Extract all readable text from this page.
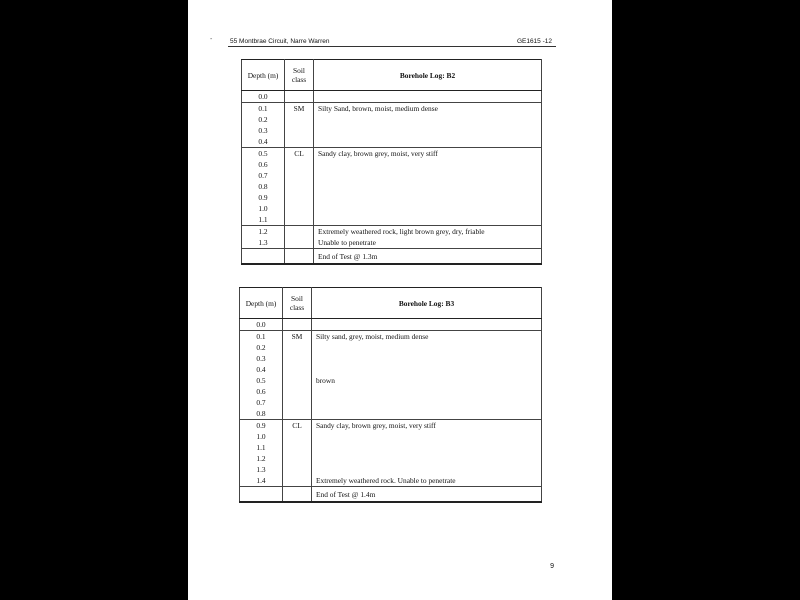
-	55 Montbrae Circuit, Narre Warren	GE1615 -12
Depth (m)	Soil class	Borehole Log: B2
0.0		
0.1	SM	Silty Sand, brown, moist, medium dense
0.2		
0.3		
0.4		
0.5	CL	Sandy clay, brown grey, moist, very stiff
0.6		
0.7		
0.8		
0.9		
1.0		
1.1		
1.2		Extremely weathered rock, light brown grey, dry, friable
1.3		Unable to penetrate
		End of Test @ 1.3m
Depth (m)	Soil class	Borehole Log: B3
0.0		
0.1	SM	Silty sand, grey, moist, medium dense
0.2		
0.3		
0.4		
0.5		brown
0.6		
0.7		
0.8		
0.9	CL	Sandy clay, brown grey, moist, very stiff
1.0		
1.1		
1.2		
1.3		
1.4		Extremely weathered rock. Unable to penetrate
		End of Test @ 1.4m
9
